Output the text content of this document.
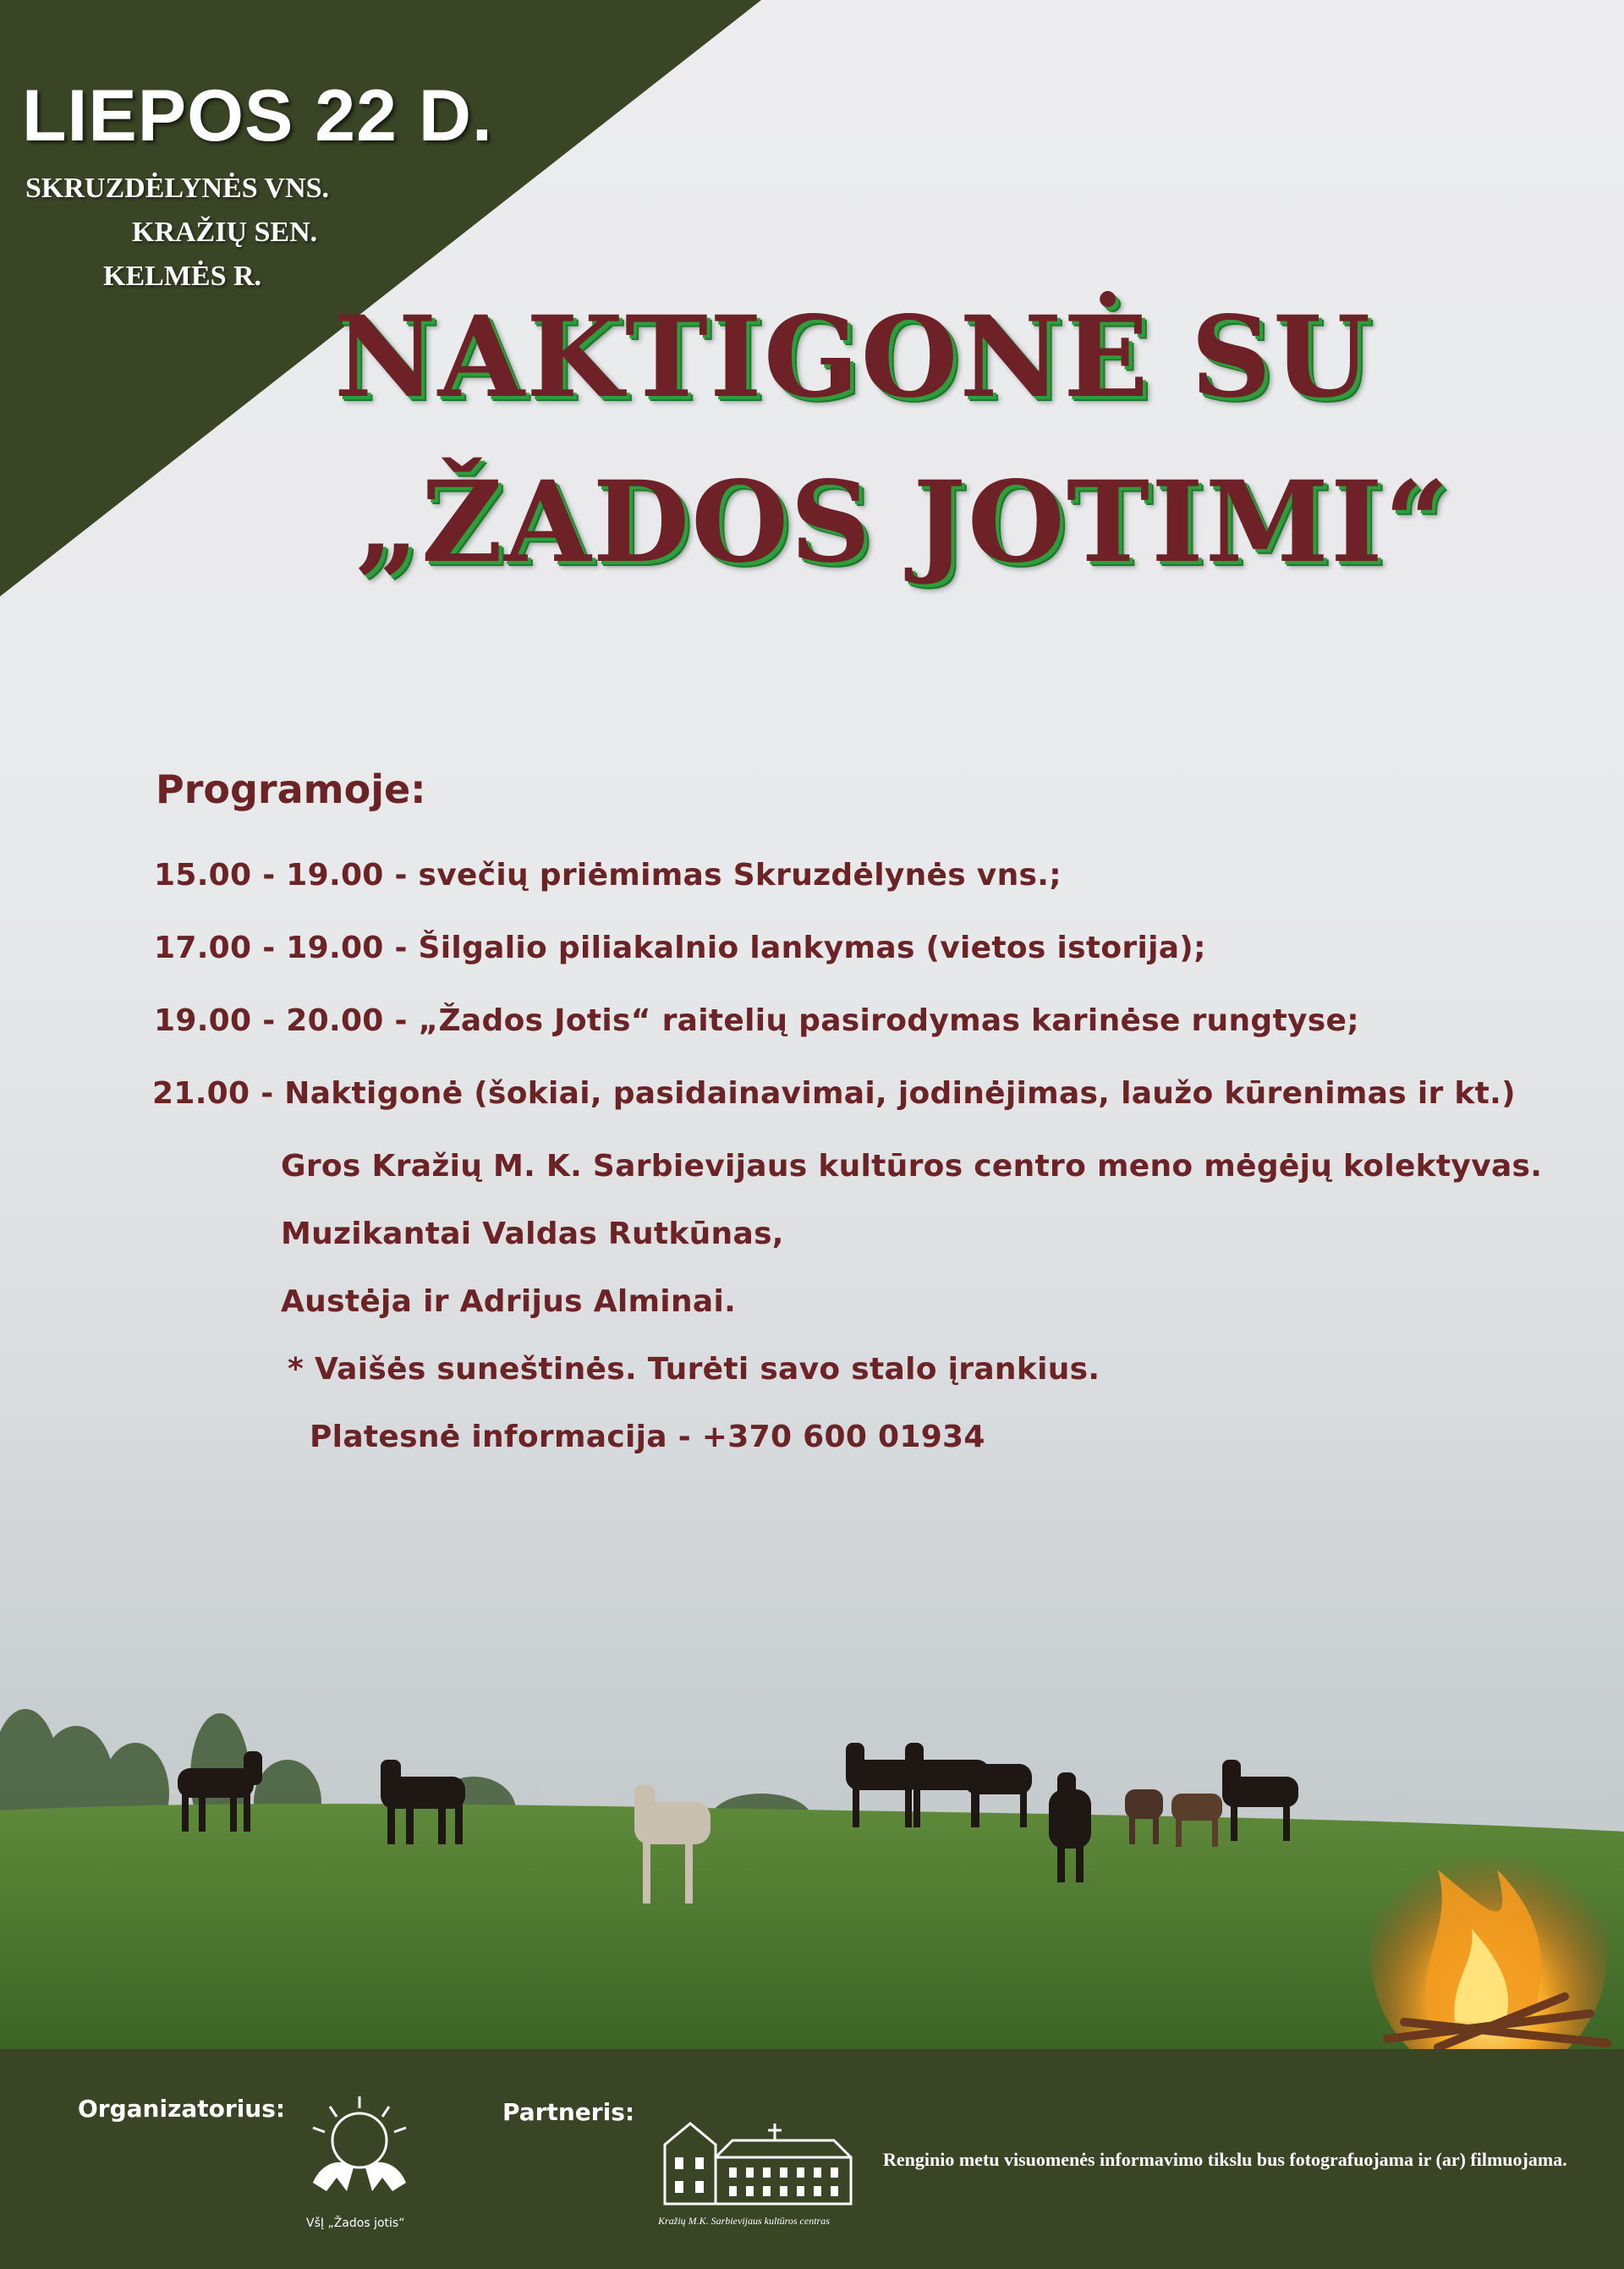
LIEPOS 22 D.
SKRUZDĖLYNĖS VNS.
KRAŽIŲ SEN.
KELMĖS R.
NAKTIGONĖ SU
„ŽADOS JOTIMI“
Programoje:
15.00 - 19.00 - svečių priėmimas Skruzdėlynės vns.;
17.00 - 19.00 - Šilgalio piliakalnio lankymas (vietos istorija);
19.00 - 20.00 - „Žados Jotis“ raitelių pasirodymas karinėse rungtyse;
21.00 - Naktigonė (šokiai, pasidainavimai, jodinėjimas, laužo kūrenimas ir kt.)
Gros Kražių M. K. Sarbievijaus kultūros centro meno mėgėjų kolektyvas.
Muzikantai Valdas Rutkūnas,
Austėja ir Adrijus Alminai.
* Vaišės suneštinės. Turėti savo stalo įrankius.
Platesnė informacija - +370 600 01934
Organizatorius:
VšĮ „Žados jotis“
Partneris:
Kražių M.K. Sarbievijaus kultūros centras
Renginio metu visuomenės informavimo tikslu bus fotografuojama ir (ar) filmuojama.
